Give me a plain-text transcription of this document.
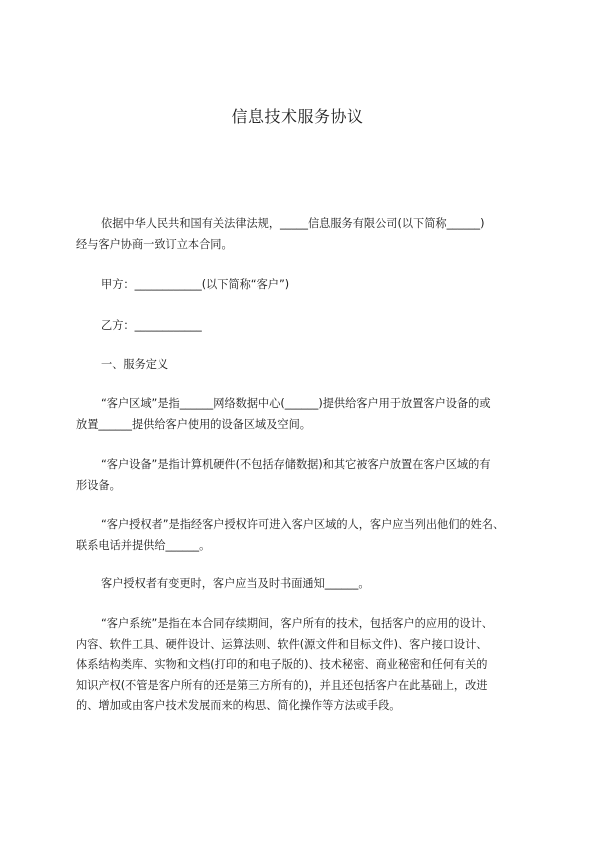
信息技术服务协议
依据中华人民共和国有关法律法规，_____信息服务有限公司(以下简称______)
经与客户协商一致订立本合同。
甲方：____________(以下简称“客户”)
乙方：____________
一、服务定义
“客户区域”是指______网络数据中心(______)提供给客户用于放置客户设备的或
放置______提供给客户使用的设备区域及空间。
“客户设备”是指计算机硬件(不包括存储数据)和其它被客户放置在客户区域的有
形设备。
“客户授权者”是指经客户授权许可进入客户区域的人，客户应当列出他们的姓名、
联系电话并提供给______。
客户授权者有变更时，客户应当及时书面通知______。
“客户系统”是指在本合同存续期间，客户所有的技术，包括客户的应用的设计、
内容、软件工具、硬件设计、运算法则、软件(源文件和目标文件)、客户接口设计、
体系结构类库、实物和文档(打印的和电子版的)、技术秘密、商业秘密和任何有关的
知识产权(不管是客户所有的还是第三方所有的)，并且还包括客户在此基础上，改进
的、增加或由客户技术发展而来的构思、简化操作等方法或手段。
